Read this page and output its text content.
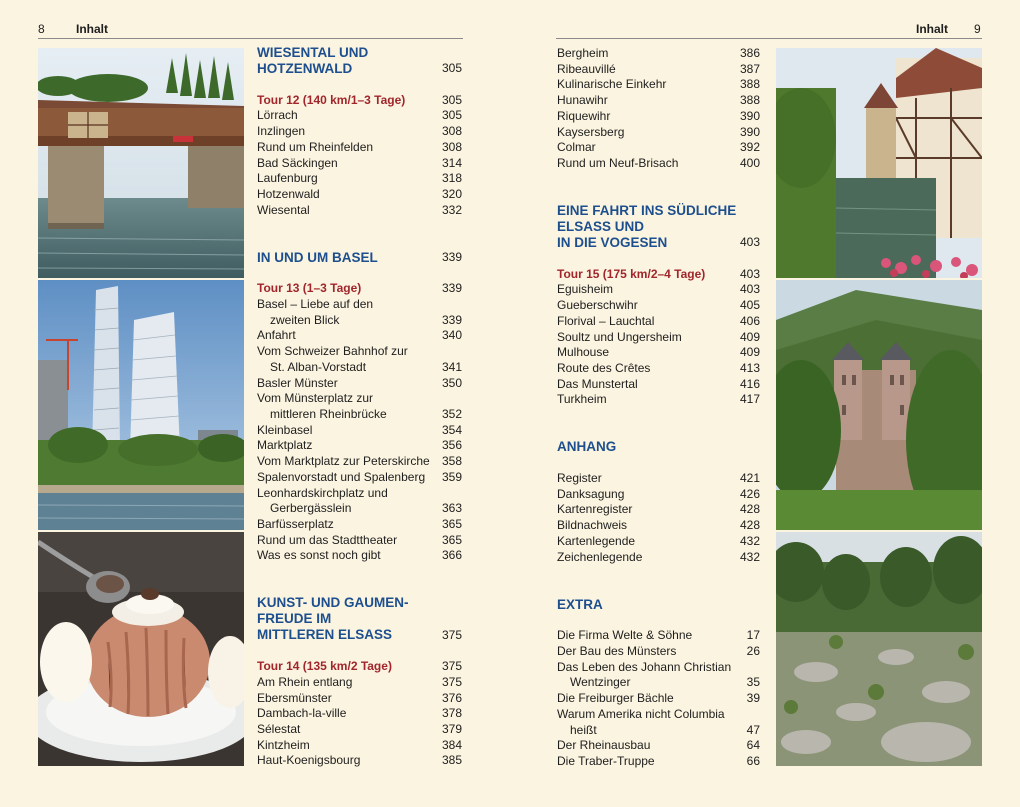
8	Inhalt	Inhalt 9
WIESENTAL UND
HOTZENWALD	305
Tour 12 (140 km/1–3 Tage)	305
Lörrach	305
Inzlingen	308
Rund um Rheinfelden	308
Bad Säckingen	314
Laufenburg	318
Hotzenwald	320
Wiesental	332
IN UND UM BASEL	339
Tour 13 (1–3 Tage)	339
Basel – Liebe auf den
zweiten Blick	339
Anfahrt	340
Vom Schweizer Bahnhof zur
St. Alban-Vorstadt	341
Basler Münster	350
Vom Münsterplatz zur
mittleren Rheinbrücke	352
Kleinbasel	354
Marktplatz	356
Vom Marktplatz zur Peterskirche	358
Spalenvorstadt und Spalenberg	359
Leonhardskirchplatz und
Gerbergässlein	363
Barfüsserplatz	365
Rund um das Stadttheater	365
Was es sonst noch gibt	366
KUNST- UND GAUMEN-
FREUDE IM
MITTLEREN ELSASS	375
Tour 14 (135 km/2 Tage)	375
Am Rhein entlang	375
Ebersmünster	376
Dambach-la-ville	378
Sélestat	379
Kintzheim	384
Haut-Koenigsbourg	385
Bergheim	386
Ribeauvillé	387
Kulinarische Einkehr	388
Hunawihr	388
Riquewihr	390
Kaysersberg	390
Colmar	392
Rund um Neuf-Brisach	400
EINE FAHRT INS SÜDLICHE
ELSASS UND
IN DIE VOGESEN	403
Tour 15 (175 km/2–4 Tage)	403
Eguisheim	403
Gueberschwihr	405
Florival – Lauchtal	406
Soultz und Ungersheim	409
Mulhouse	409
Route des Crêtes	413
Das Munstertal	416
Turkheim	417
ANHANG
Register	421
Danksagung	426
Kartenregister	428
Bildnachweis	428
Kartenlegende	432
Zeichenlegende	432
EXTRA
Die Firma Welte & Söhne	17
Der Bau des Münsters	26
Das Leben des Johann Christian
Wentzinger	35
Die Freiburger Bächle	39
Warum Amerika nicht Columbia
heißt	47
Der Rheinausbau	64
Die Traber-Truppe	66
